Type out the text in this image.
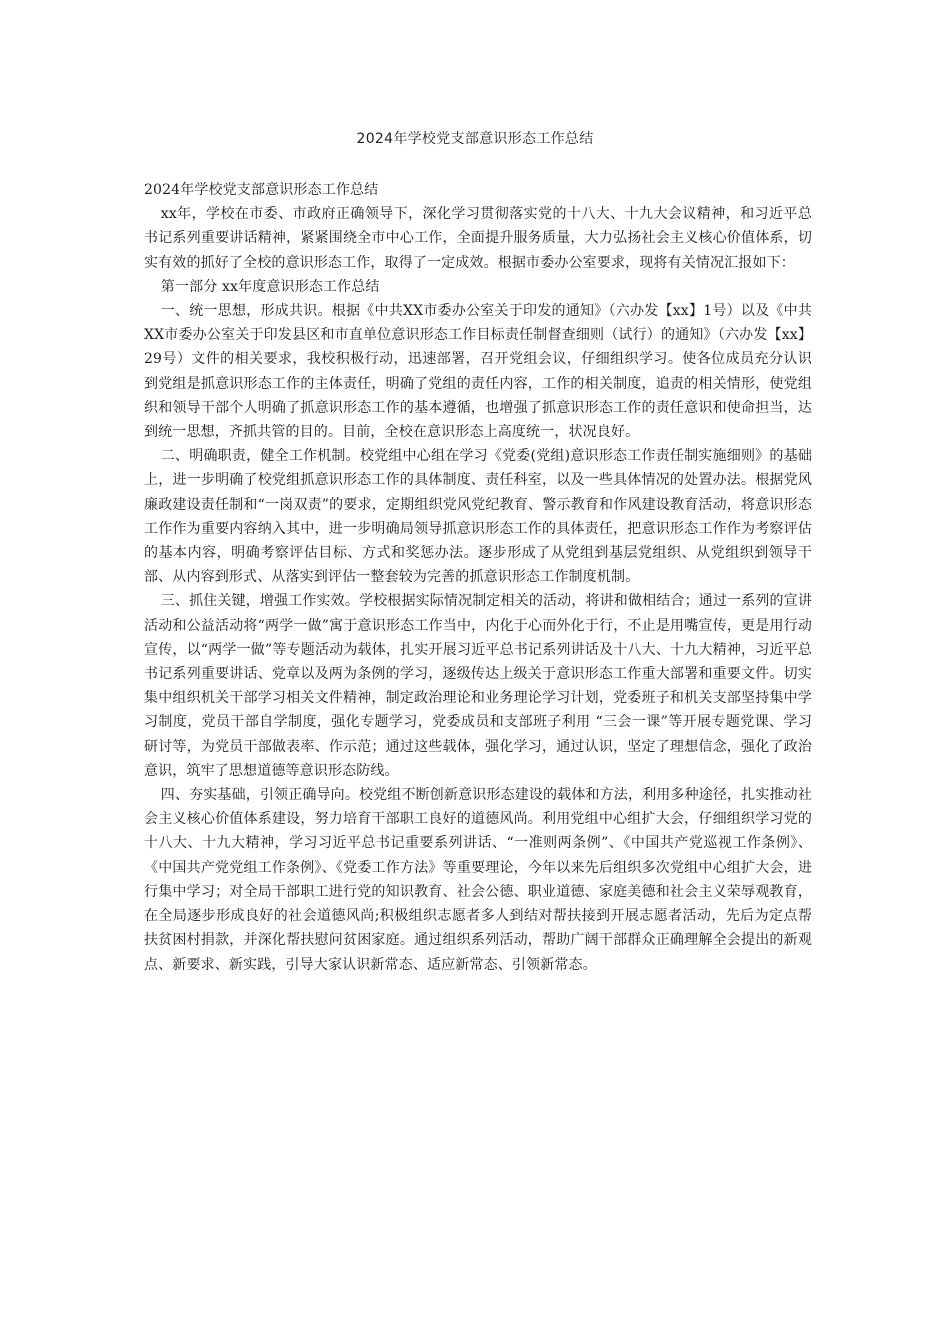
2024年学校党支部意识形态工作总结

2024年学校党支部意识形态工作总结

xx年，学校在市委、市政府正确领导下，深化学习贯彻落实党的十八大、十九大会议精神，和习近平总书记系列重要讲话精神，紧紧围绕全市中心工作，全面提升服务质量，大力弘扬社会主义核心价值体系，切实有效的抓好了全校的意识形态工作，取得了一定成效。根据市委办公室要求，现将有关情况汇报如下：

第一部分 xx年度意识形态工作总结

一、统一思想，形成共识。根据《中共XX市委办公室关于印发的通知》（六办发【xx】1号）以及《中共XX市委办公室关于印发县区和市直单位意识形态工作目标责任制督查细则（试行）的通知》（六办发【xx】29号）文件的相关要求，我校积极行动，迅速部署，召开党组会议，仔细组织学习。使各位成员充分认识到党组是抓意识形态工作的主体责任，明确了党组的责任内容，工作的相关制度，追责的相关情形，使党组织和领导干部个人明确了抓意识形态工作的基本遵循，也增强了抓意识形态工作的责任意识和使命担当，达到统一思想，齐抓共管的目的。目前，全校在意识形态上高度统一，状况良好。

二、明确职责，健全工作机制。校党组中心组在学习《党委(党组)意识形态工作责任制实施细则》的基础上，进一步明确了校党组抓意识形态工作的具体制度、责任科室，以及一些具体情况的处置办法。根据党风廉政建设责任制和“一岗双责”的要求，定期组织党风党纪教育、警示教育和作风建设教育活动，将意识形态工作作为重要内容纳入其中，进一步明确局领导抓意识形态工作的具体责任，把意识形态工作作为考察评估的基本内容，明确考察评估目标、方式和奖惩办法。逐步形成了从党组到基层党组织、从党组织到领导干部、从内容到形式、从落实到评估一整套较为完善的抓意识形态工作制度机制。

三、抓住关键，增强工作实效。学校根据实际情况制定相关的活动，将讲和做相结合；通过一系列的宣讲活动和公益活动将“两学一做”寓于意识形态工作当中，内化于心而外化于行，不止是用嘴宣传，更是用行动宣传，以“两学一做”等专题活动为载体，扎实开展习近平总书记系列讲话及十八大、十九大精神，习近平总书记系列重要讲话、党章以及两为条例的学习，逐级传达上级关于意识形态工作重大部署和重要文件。切实集中组织机关干部学习相关文件精神，制定政治理论和业务理论学习计划，党委班子和机关支部坚持集中学习制度，党员干部自学制度，强化专题学习，党委成员和支部班子利用 “三会一课”等开展专题党课、学习研讨等，为党员干部做表率、作示范；通过这些载体，强化学习，通过认识，坚定了理想信念，强化了政治意识，筑牢了思想道德等意识形态防线。

四、夯实基础，引领正确导向。校党组不断创新意识形态建设的载体和方法，利用多种途径，扎实推动社会主义核心价值体系建设，努力培育干部职工良好的道德风尚。利用党组中心组扩大会，仔细组织学习党的十八大、十九大精神，学习习近平总书记重要系列讲话、“一准则两条例”、《中国共产党巡视工作条例》、《中国共产党党组工作条例》、《党委工作方法》等重要理论，今年以来先后组织多次党组中心组扩大会，进行集中学习；对全局干部职工进行党的知识教育、社会公德、职业道德、家庭美德和社会主义荣辱观教育，在全局逐步形成良好的社会道德风尚;积极组织志愿者多人到结对帮扶接到开展志愿者活动，先后为定点帮扶贫困村捐款，并深化帮扶慰问贫困家庭。通过组织系列活动，帮助广阔干部群众正确理解全会提出的新观点、新要求、新实践，引导大家认识新常态、适应新常态、引领新常态。
